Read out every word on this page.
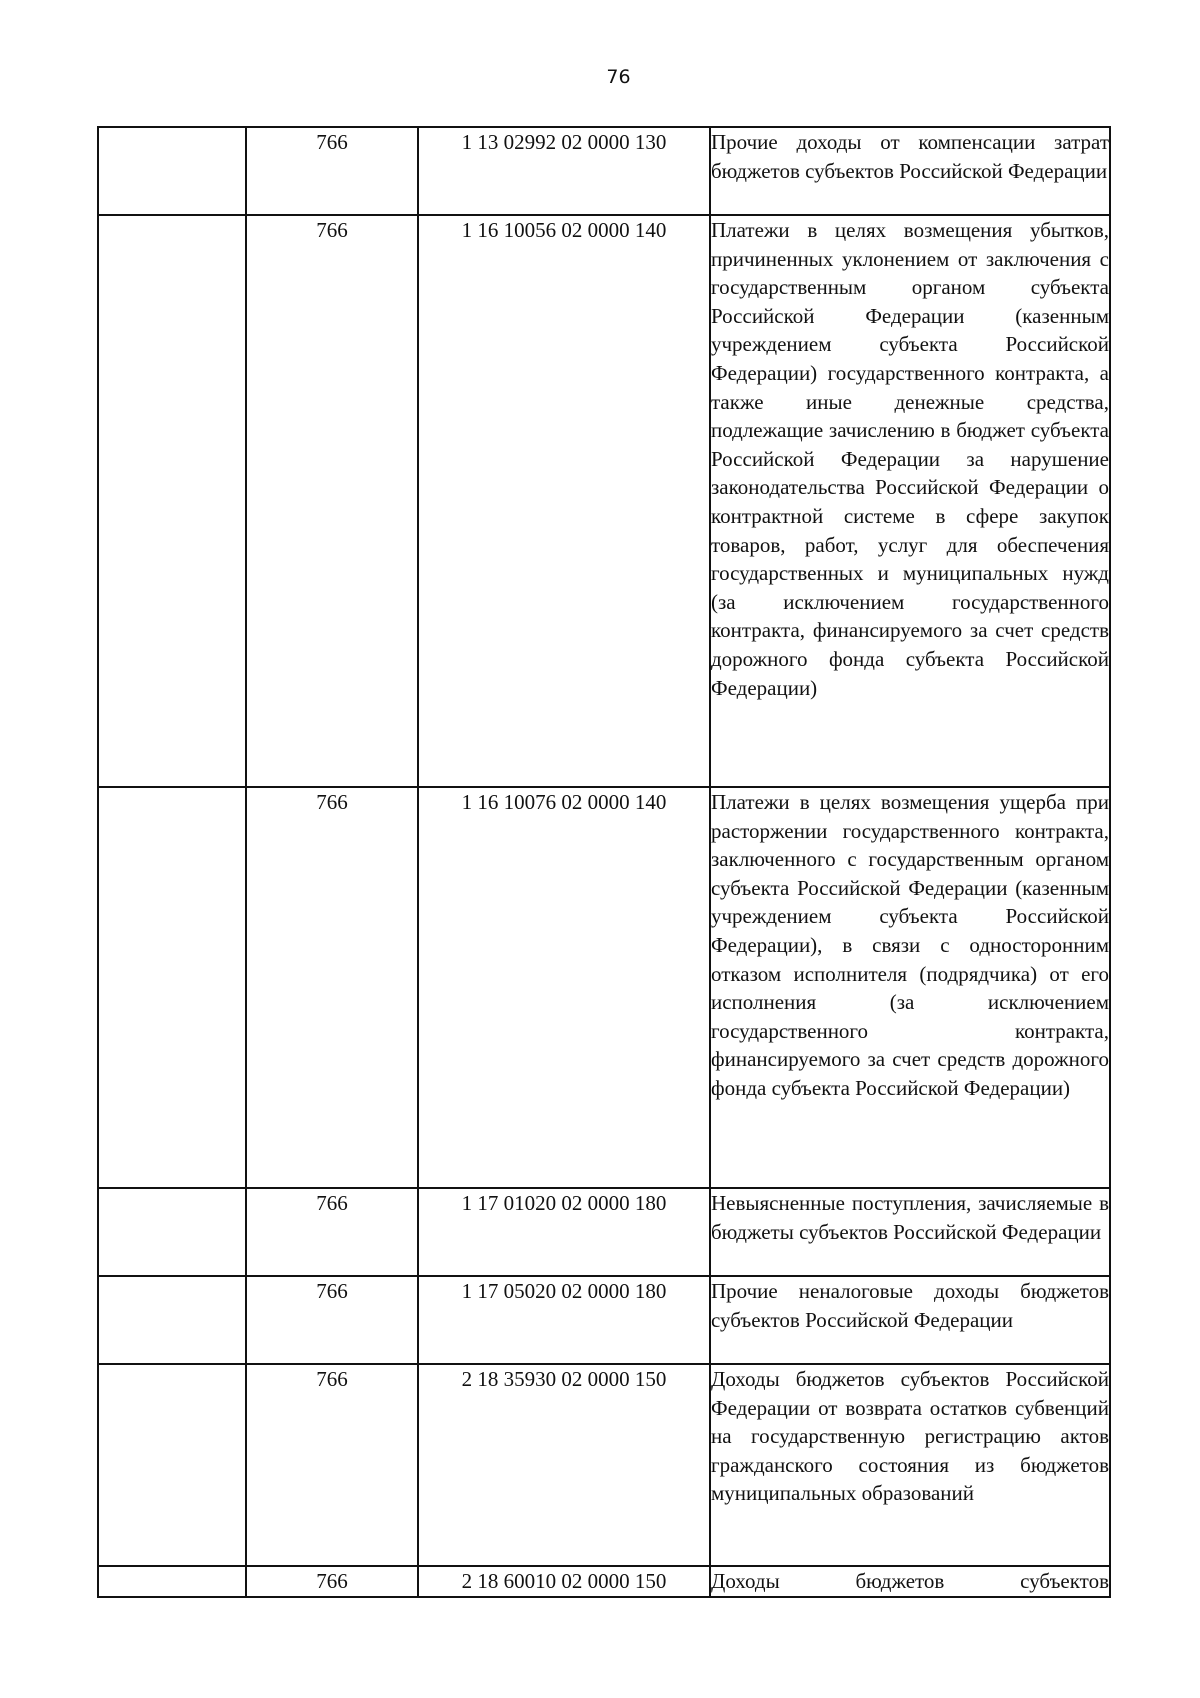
76
	766	1 13 02992 02 0000 130	Прочие доходы от компенсации затрат бюджетов субъектов Российской Федерации
	766	1 16 10056 02 0000 140	Платежи в целях возмещения убытков, причиненных уклонением от заключения с государственным органом субъекта Российской Федерации (казенным учреждением субъекта Российской Федерации) государственного контракта, а также иные денежные средства, подлежащие зачислению в бюджет субъекта Российской Федерации за нарушение законодательства Российской Федерации о контрактной системе в сфере закупок товаров, работ, услуг для обеспечения государственных и муниципальных нужд (за исключением государственного контракта, финансируемого за счет средств дорожного фонда субъекта Российской Федерации)
	766	1 16 10076 02 0000 140	Платежи в целях возмещения ущерба при расторжении государственного контракта, заключенного с государственным органом субъекта Российской Федерации (казенным учреждением субъекта Российской Федерации), в связи с односторонним отказом исполнителя (подрядчика) от его исполнения (за исключением государственного контракта, финансируемого за счет средств дорожного фонда субъекта Российской Федерации)
	766	1 17 01020 02 0000 180	Невыясненные поступления, зачисляемые в бюджеты субъектов Российской Федерации
	766	1 17 05020 02 0000 180	Прочие неналоговые доходы бюджетов субъектов Российской Федерации
	766	2 18 35930 02 0000 150	Доходы бюджетов субъектов Российской Федерации от возврата остатков субвенций на государственную регистрацию актов гражданского состояния из бюджетов муниципальных образований
	766	2 18 60010 02 0000 150	Доходы бюджетов субъектов
